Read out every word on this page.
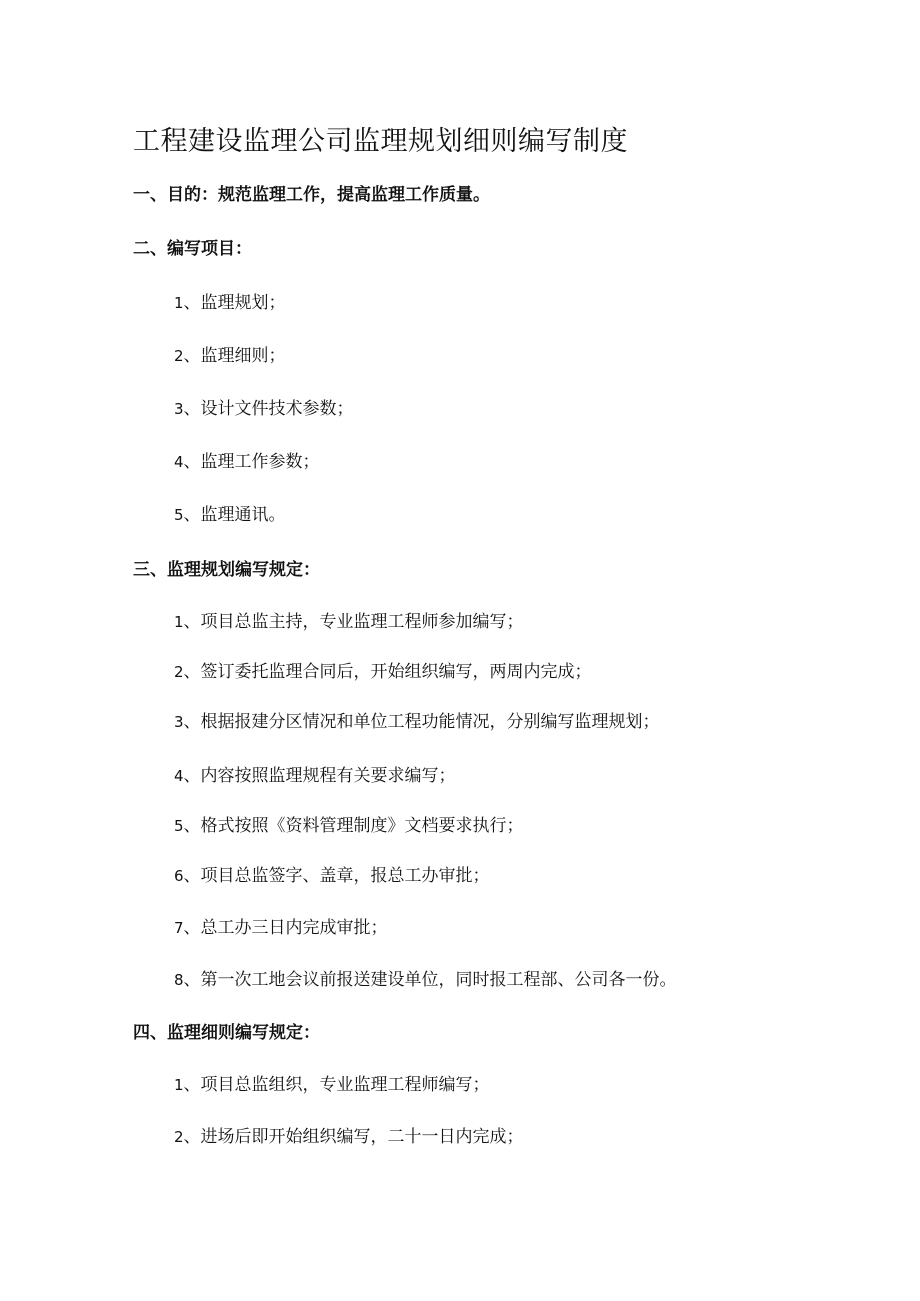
工程建设监理公司监理规划细则编写制度
一、目的：规范监理工作，提高监理工作质量。
二、编写项目：
1、监理规划；
2、监理细则；
3、设计文件技术参数；
4、监理工作参数；
5、监理通讯。
三、监理规划编写规定：
1、项目总监主持，专业监理工程师参加编写；
2、签订委托监理合同后，开始组织编写，两周内完成；
3、根据报建分区情况和单位工程功能情况，分别编写监理规划；
4、内容按照监理规程有关要求编写；
5、格式按照《资料管理制度》文档要求执行；
6、项目总监签字、盖章，报总工办审批；
7、总工办三日内完成审批；
8、第一次工地会议前报送建设单位，同时报工程部、公司各一份。
四、监理细则编写规定：
1、项目总监组织，专业监理工程师编写；
2、进场后即开始组织编写，二十一日内完成；
